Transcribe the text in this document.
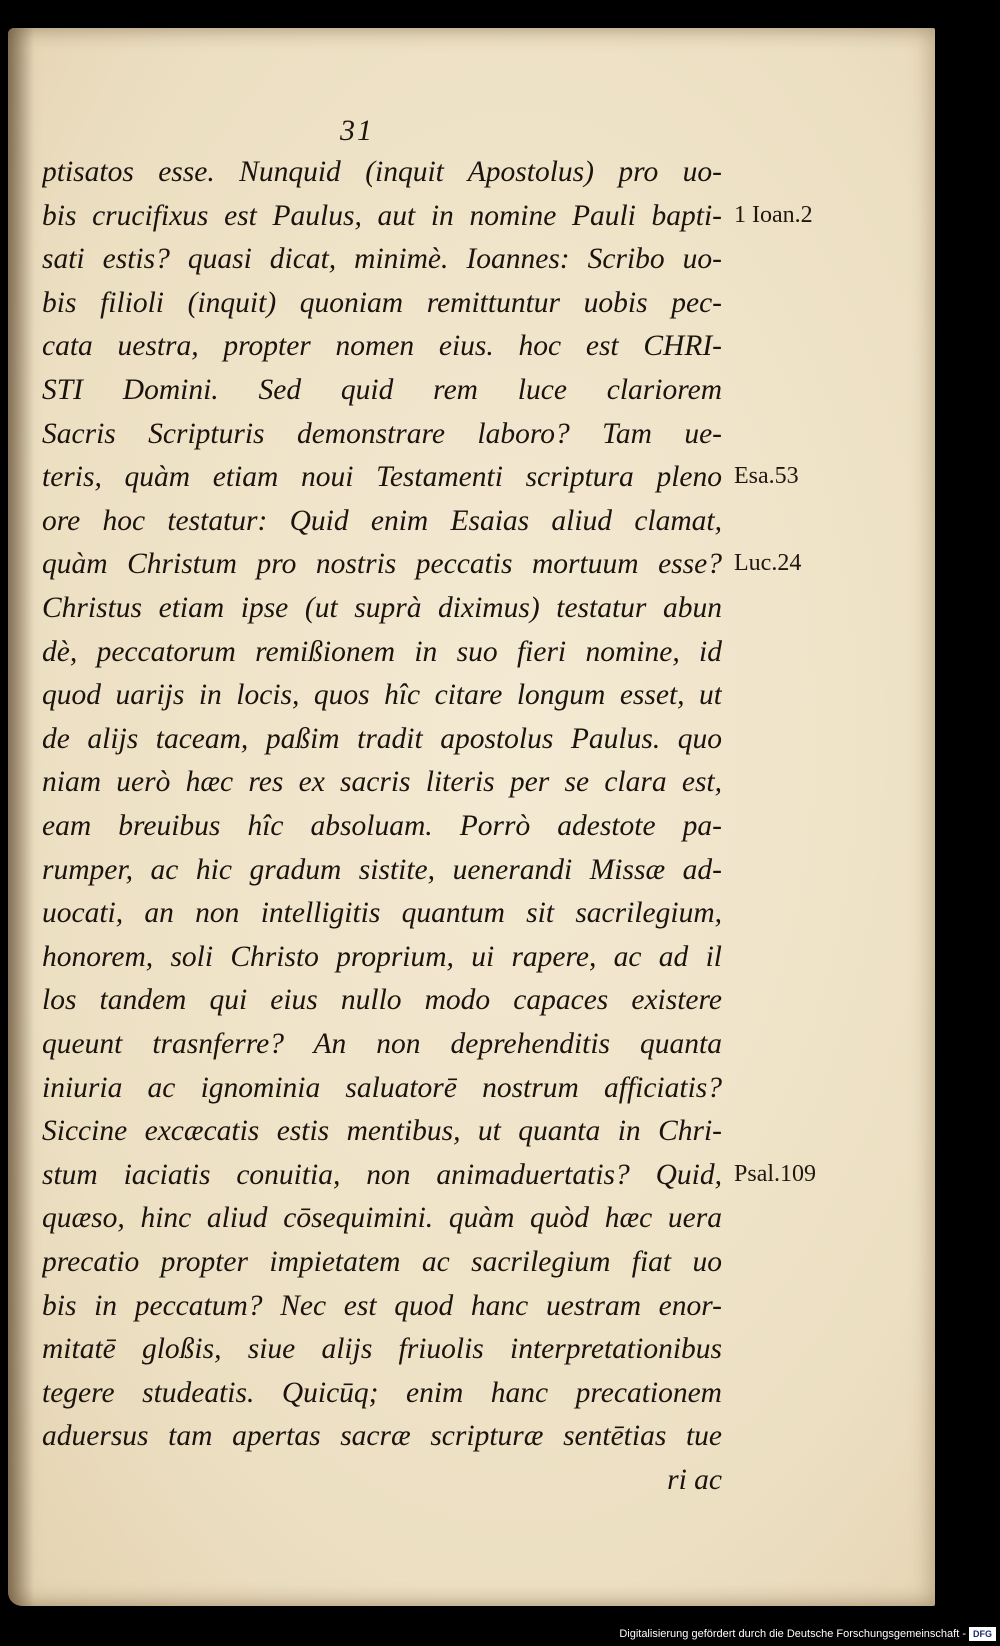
31
ptisatos esse. Nunquid (inquit Apostolus) pro uo-
bis crucifixus est Paulus, aut in nomine Pauli bapti-
sati estis? quasi dicat, minimè. Ioannes: Scribo uo-
bis filioli (inquit) quoniam remittuntur uobis pec-
cata uestra, propter nomen eius. hoc est CHRI-
STI Domini. Sed quid rem luce clariorem
Sacris Scripturis demonstrare laboro? Tam ue-
teris, quàm etiam noui Testamenti scriptura pleno
ore hoc testatur: Quid enim Esaias aliud clamat,
quàm Christum pro nostris peccatis mortuum esse?
Christus etiam ipse (ut suprà diximus) testatur abun
dè, peccatorum remißionem in suo fieri nomine, id
quod uarijs in locis, quos hîc citare longum esset, ut
de alijs taceam, paßim tradit apostolus Paulus. quo
niam uerò hæc res ex sacris literis per se clara est,
eam breuibus hîc absoluam. Porrò adestote pa-
rumper, ac hic gradum sistite, uenerandi Missæ ad-
uocati, an non intelligitis quantum sit sacrilegium,
honorem, soli Christo proprium, ui rapere, ac ad il
los tandem qui eius nullo modo capaces existere
queunt trasnferre? An non deprehenditis quanta
iniuria ac ignominia saluatorē nostrum afficiatis?
Siccine excæcatis estis mentibus, ut quanta in Chri-
stum iaciatis conuitia, non animaduertatis? Quid,
quæso, hinc aliud cōsequimini. quàm quòd hæc uera
precatio propter impietatem ac sacrilegium fiat uo
bis in peccatum? Nec est quod hanc uestram enor-
mitatē gloßis, siue alijs friuolis interpretationibus
tegere studeatis. Quicūq; enim hanc precationem
aduersus tam apertas sacræ scripturæ sentētias tue
ri ac
1 Ioan.2
Esa.53
Luc.24
Psal.109
Digitalisierung gefördert durch die Deutsche Forschungsgemeinschaft - DFG
